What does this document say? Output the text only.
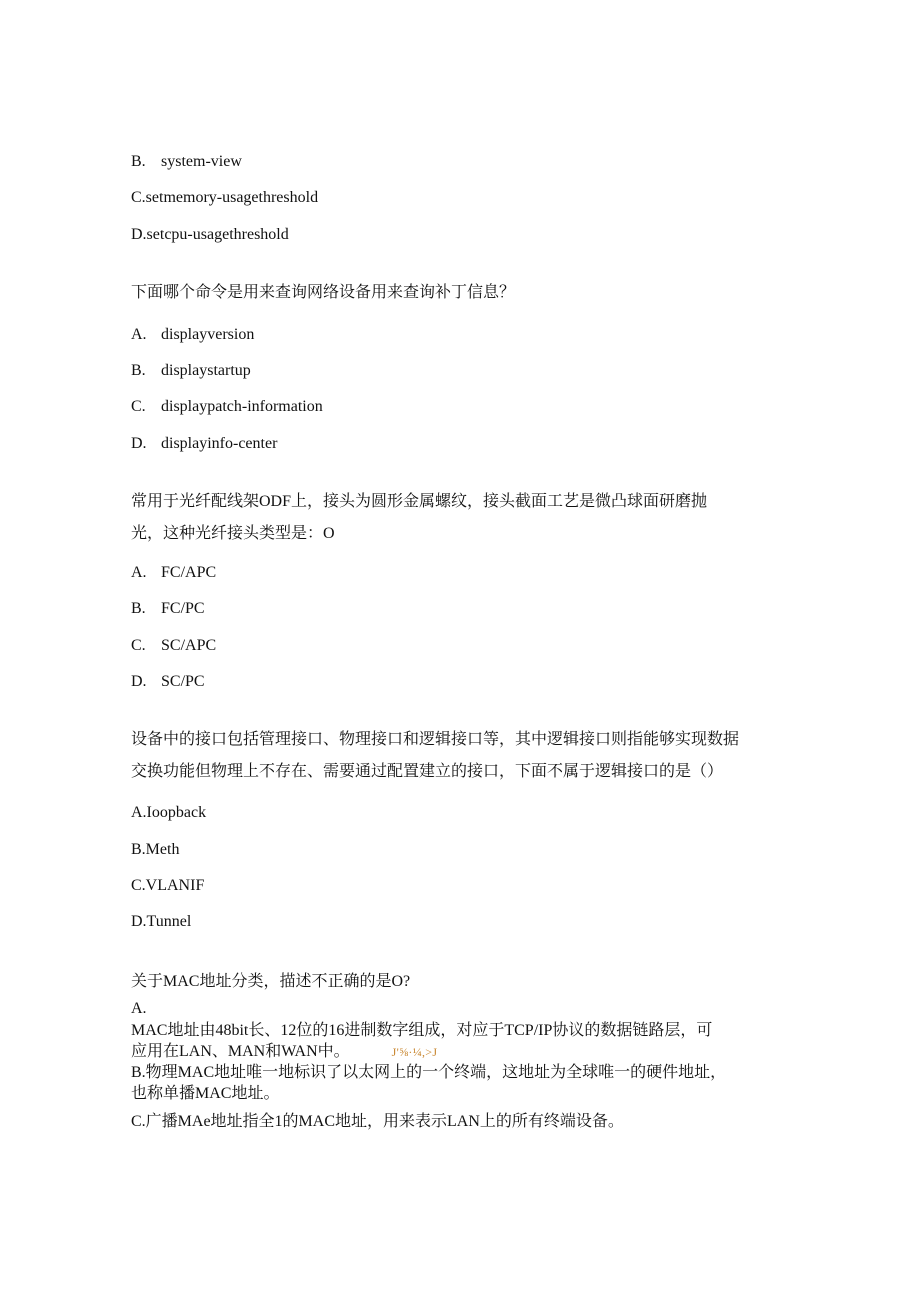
B. system-view
C.setmemory-usagethreshold
D.setcpu-usagethreshold
下面哪个命令是用来查询网络设备用来查询补丁信息？
A. displayversion
B. displaystartup
C. displaypatch-information
D. displayinfo-center
常用于光纤配线架ODF上，接头为圆形金属螺纹，接头截面工艺是微凸球面研磨抛
光，这种光纤接头类型是：O
A. FC/APC
B. FC/PC
C. SC/APC
D. SC/PC
设备中的接口包括管理接口、物理接口和逻辑接口等，其中逻辑接口则指能够实现数据
交换功能但物理上不存在、需要通过配置建立的接口，下面不属于逻辑接口的是（）
A.Ioopback
B.Meth
C.VLANIF
D.Tunnel
关于MAC地址分类，描述不正确的是O?
A.
MAC地址由48bit长、12位的16进制数字组成，对应于TCP/IP协议的数据链路层，可
应用在LAN、MAN和WAN中。	J'⅝·¼,>J
B.物理MAC地址唯一地标识了以太网上的一个终端，这地址为全球唯一的硬件地址，
也称单播MAC地址。
C.广播MAe地址指全1的MAC地址，用来表示LAN上的所有终端设备。
